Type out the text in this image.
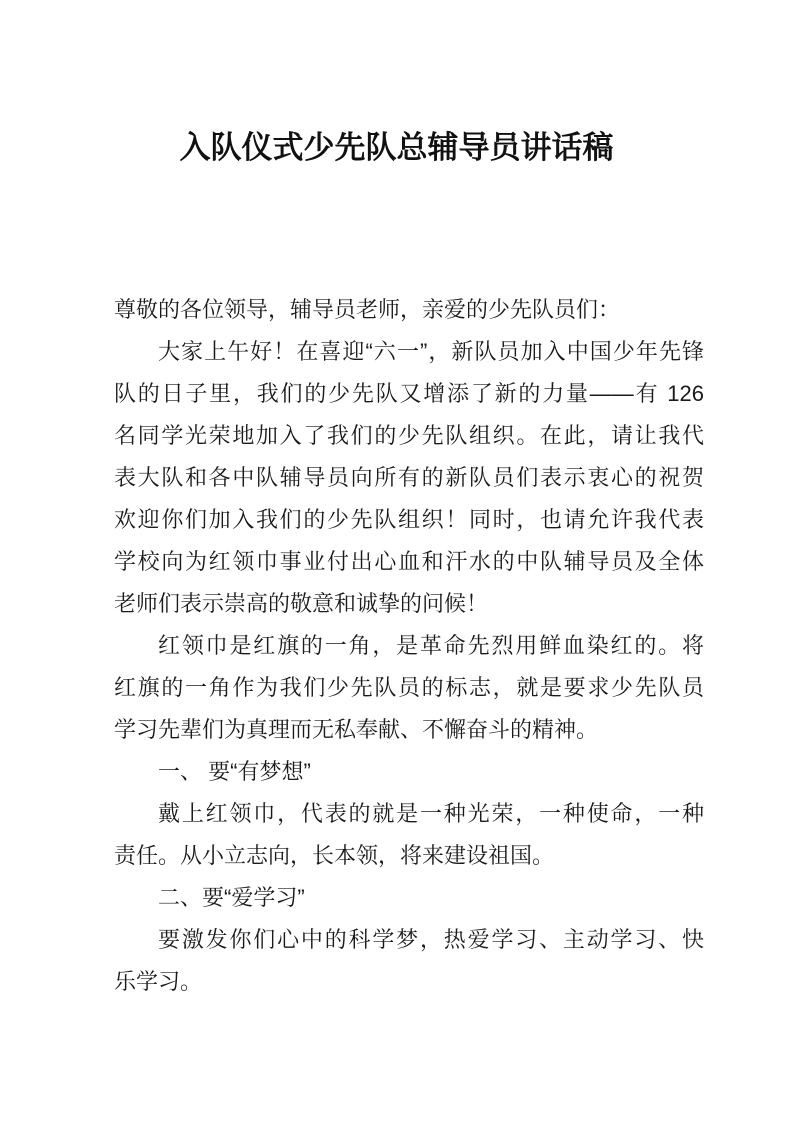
入队仪式少先队总辅导员讲话稿
尊敬的各位领导，辅导员老师，亲爱的少先队员们：
大家上午好！在喜迎“六一”，新队员加入中国少年先锋
队的日子里，我们的少先队又增添了新的力量——有 126
名同学光荣地加入了我们的少先队组织。在此，请让我代
表大队和各中队辅导员向所有的新队员们表示衷心的祝贺
欢迎你们加入我们的少先队组织！同时，也请允许我代表
学校向为红领巾事业付出心血和汗水的中队辅导员及全体
老师们表示崇高的敬意和诚挚的问候！
红领巾是红旗的一角，是革命先烈用鲜血染红的。将
红旗的一角作为我们少先队员的标志，就是要求少先队员
学习先辈们为真理而无私奉献、不懈奋斗的精神。
一、 要“有梦想”
戴上红领巾，代表的就是一种光荣，一种使命，一种
责任。从小立志向，长本领，将来建设祖国。
二、要“爱学习”
要激发你们心中的科学梦，热爱学习、主动学习、快
乐学习。
